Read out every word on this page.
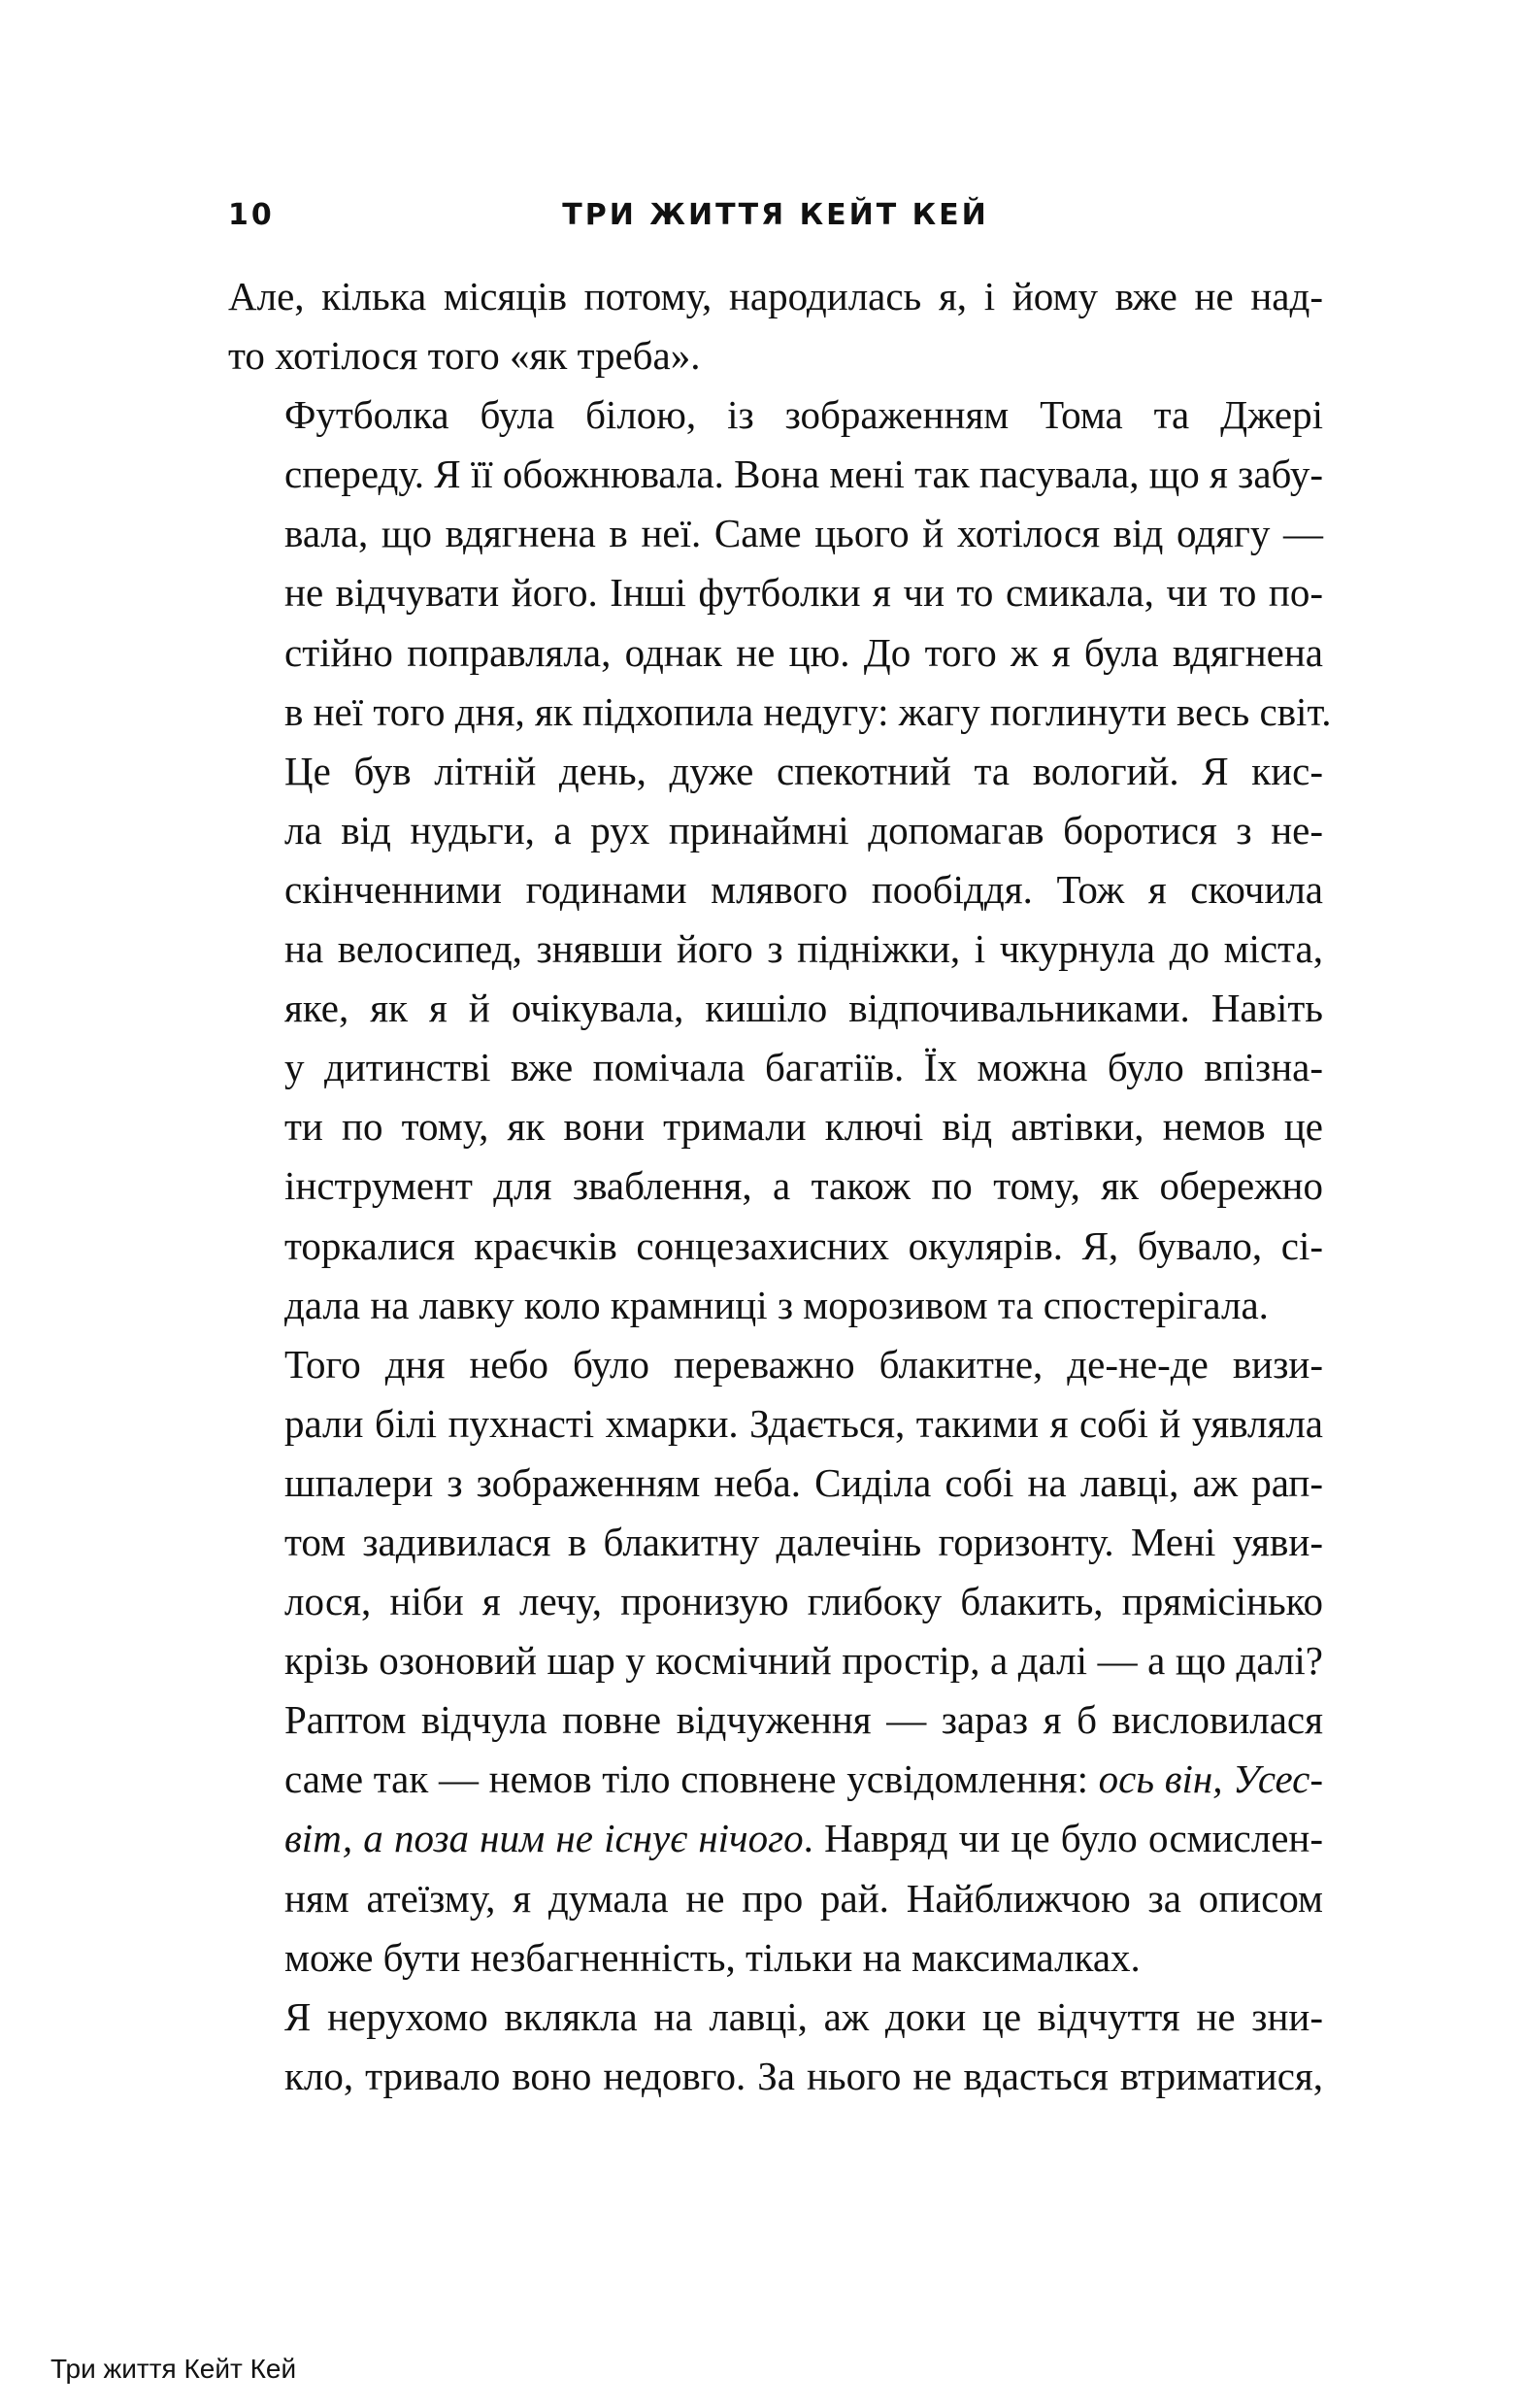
10	ТРИ ЖИТТЯ КЕЙТ КЕЙ

Але, кілька місяців потому, народилась я, і йому вже не над-
то хотілося того «як треба».

Футболка була білою, із зображенням Тома та Джері
спереду. Я її обожнювала. Вона мені так пасувала, що я забу-
вала, що вдягнена в неї. Саме цього й хотілося від одягу —
не відчувати його. Інші футболки я чи то смикала, чи то по-
стійно поправляла, однак не цю. До того ж я була вдягнена
в неї того дня, як підхопила недугу: жагу поглинути весь світ.

Це був літній день, дуже спекотний та вологий. Я кис-
ла від нудьги, а рух принаймні допомагав боротися з не-
скінченними годинами млявого пообіддя. Тож я скочила
на велосипед, знявши його з підніжки, і чкурнула до міста,
яке, як я й очікувала, кишіло відпочивальниками. Навіть
у дитинстві вже помічала багатіїв. Їх можна було впізна-
ти по тому, як вони тримали ключі від автівки, немов це
інструмент для зваблення, а також по тому, як обережно
торкалися краєчків сонцезахисних окулярів. Я, бувало, сі-
дала на лавку коло крамниці з морозивом та спостерігала.

Того дня небо було переважно блакитне, де-не-де визи-
рали білі пухнасті хмарки. Здається, такими я собі й уявляла
шпалери з зображенням неба. Сиділа собі на лавці, аж рап-
том задивилася в блакитну далечінь горизонту. Мені уяви-
лося, ніби я лечу, пронизую глибоку блакить, прямісінько
крізь озоновий шар у космічний простір, а далі — а що далі?
Раптом відчула повне відчуження — зараз я б висловилася
саме так — немов тіло сповнене усвідомлення: ось він, Усес-
віт, а поза ним не існує нічого. Навряд чи це було осмислен-
ням атеїзму, я думала не про рай. Найближчою за описом
може бути незбагненність, тільки на максималках.

Я нерухомо вклякла на лавці, аж доки це відчуття не зни-
кло, тривало воно недовго. За нього не вдасться втриматися,

Три життя Кейт Кей
